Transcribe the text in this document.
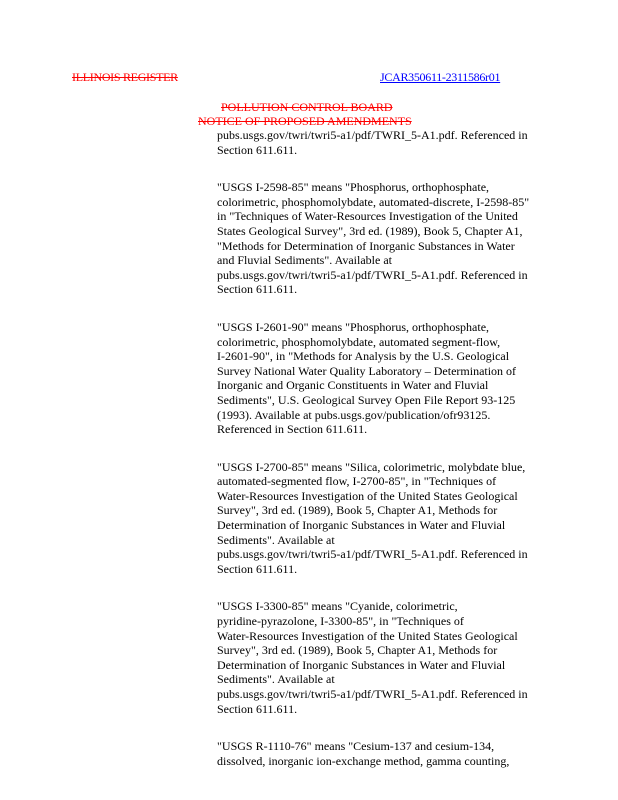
ILLINOIS REGISTER	JCAR350611-2311586r01
POLLUTION CONTROL BOARD
NOTICE OF PROPOSED AMENDMENTS
pubs.usgs.gov/twri/twri5-a1/pdf/TWRI_5-A1.pdf. Referenced in
Section 611.611.
"USGS I-2598-85" means "Phosphorus, orthophosphate,
colorimetric, phosphomolybdate, automated-discrete, I-2598-85"
in "Techniques of Water-Resources Investigation of the United
States Geological Survey", 3rd ed. (1989), Book 5, Chapter A1,
"Methods for Determination of Inorganic Substances in Water
and Fluvial Sediments". Available at
pubs.usgs.gov/twri/twri5-a1/pdf/TWRI_5-A1.pdf. Referenced in
Section 611.611.
"USGS I-2601-90" means "Phosphorus, orthophosphate,
colorimetric, phosphomolybdate, automated segment-flow,
I-2601-90", in "Methods for Analysis by the U.S. Geological
Survey National Water Quality Laboratory – Determination of
Inorganic and Organic Constituents in Water and Fluvial
Sediments", U.S. Geological Survey Open File Report 93-125
(1993). Available at pubs.usgs.gov/publication/ofr93125.
Referenced in Section 611.611.
"USGS I-2700-85" means "Silica, colorimetric, molybdate blue,
automated-segmented flow, I-2700-85", in "Techniques of
Water-Resources Investigation of the United States Geological
Survey", 3rd ed. (1989), Book 5, Chapter A1, Methods for
Determination of Inorganic Substances in Water and Fluvial
Sediments". Available at
pubs.usgs.gov/twri/twri5-a1/pdf/TWRI_5-A1.pdf. Referenced in
Section 611.611.
"USGS I-3300-85" means "Cyanide, colorimetric,
pyridine-pyrazolone, I-3300-85", in "Techniques of
Water-Resources Investigation of the United States Geological
Survey", 3rd ed. (1989), Book 5, Chapter A1, Methods for
Determination of Inorganic Substances in Water and Fluvial
Sediments". Available at
pubs.usgs.gov/twri/twri5-a1/pdf/TWRI_5-A1.pdf. Referenced in
Section 611.611.
"USGS R-1110-76" means "Cesium-137 and cesium-134,
dissolved, inorganic ion-exchange method, gamma counting,
